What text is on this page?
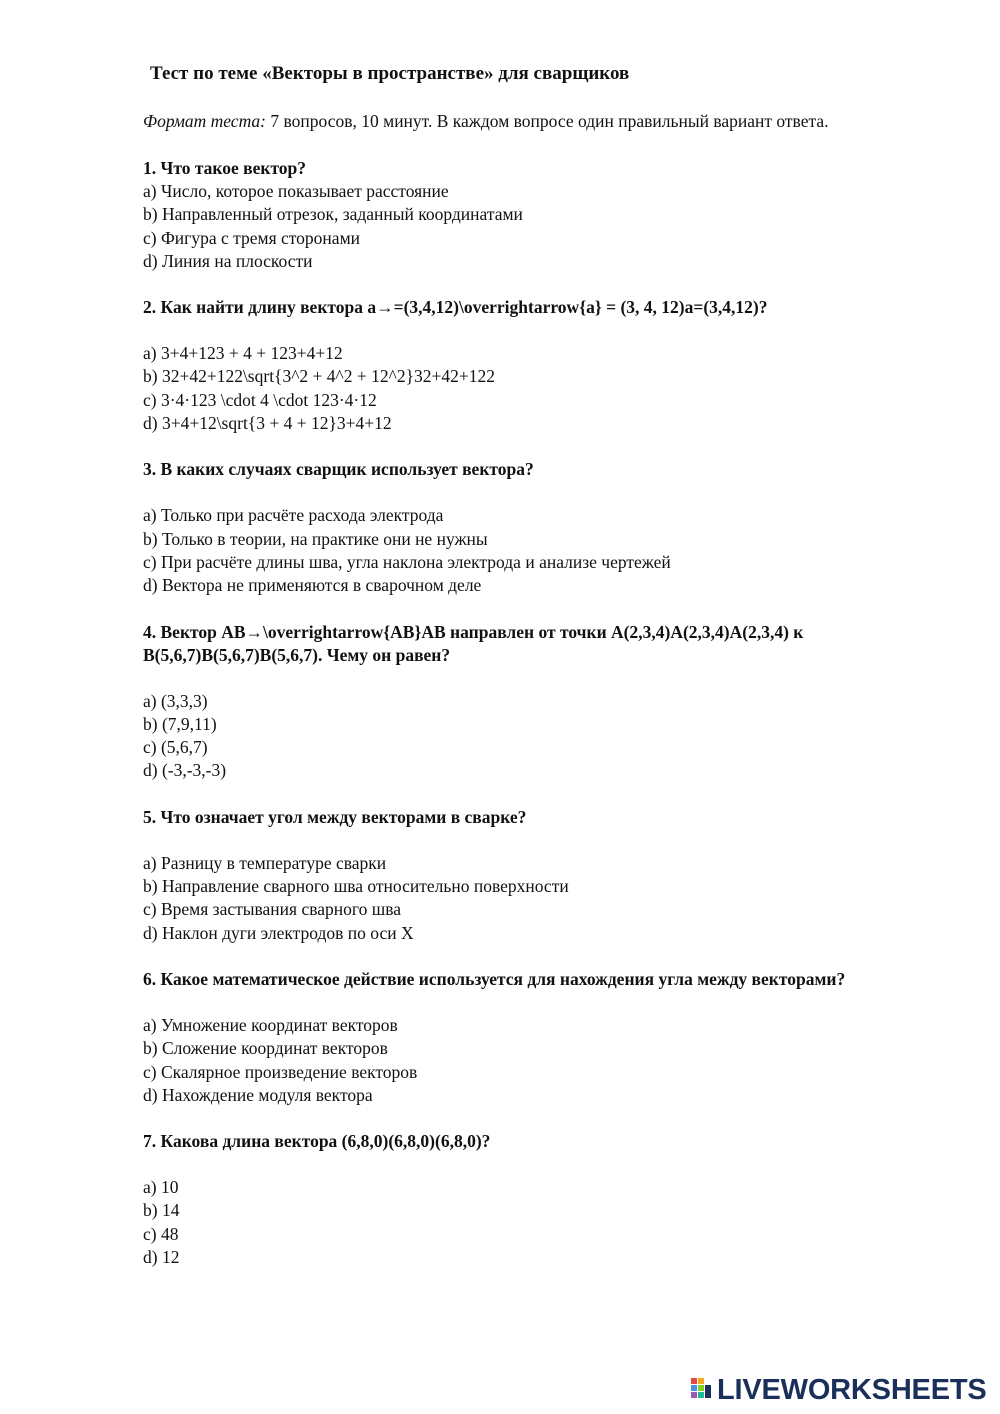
Тест по теме «Векторы в пространстве» для сварщиков
Формат теста: 7 вопросов, 10 минут. В каждом вопросе один правильный вариант ответа.

1. Что такое вектор?

a) Число, которое показывает расстояние

b) Направленный отрезок, заданный координатами

c) Фигура с тремя сторонами

d) Линия на плоскости

2. Как найти длину вектора a→=(3,4,12)\overrightarrow{a} = (3, 4, 12)a=(3,4,12)?

a) 3+4+123 + 4 + 123+4+12

b) 32+42+122\sqrt{3^2 + 4^2 + 12^2}32+42+122

c) 3·4·123 \cdot 4 \cdot 123·4·12

d) 3+4+12\sqrt{3 + 4 + 12}3+4+12

3. В каких случаях сварщик использует вектора?

a) Только при расчёте расхода электрода

b) Только в теории, на практике они не нужны

c) При расчёте длины шва, угла наклона электрода и анализе чертежей

d) Вектора не применяются в сварочном деле

4. Вектор AB→\overrightarrow{AB}AB направлен от точки A(2,3,4)A(2,3,4)A(2,3,4) к B(5,6,7)B(5,6,7)B(5,6,7). Чему он равен?

a) (3,3,3)

b) (7,9,11)

c) (5,6,7)

d) (-3,-3,-3)

5. Что означает угол между векторами в сварке?

a) Разницу в температуре сварки

b) Направление сварного шва относительно поверхности

c) Время застывания сварного шва

d) Наклон дуги электродов по оси X

6. Какое математическое действие используется для нахождения угла между векторами?

a) Умножение координат векторов

b) Сложение координат векторов

c) Скалярное произведение векторов

d) Нахождение модуля вектора

7. Какова длина вектора (6,8,0)(6,8,0)(6,8,0)?

a) 10

b) 14

c) 48

d) 12

LIVEWORKSHEETS
